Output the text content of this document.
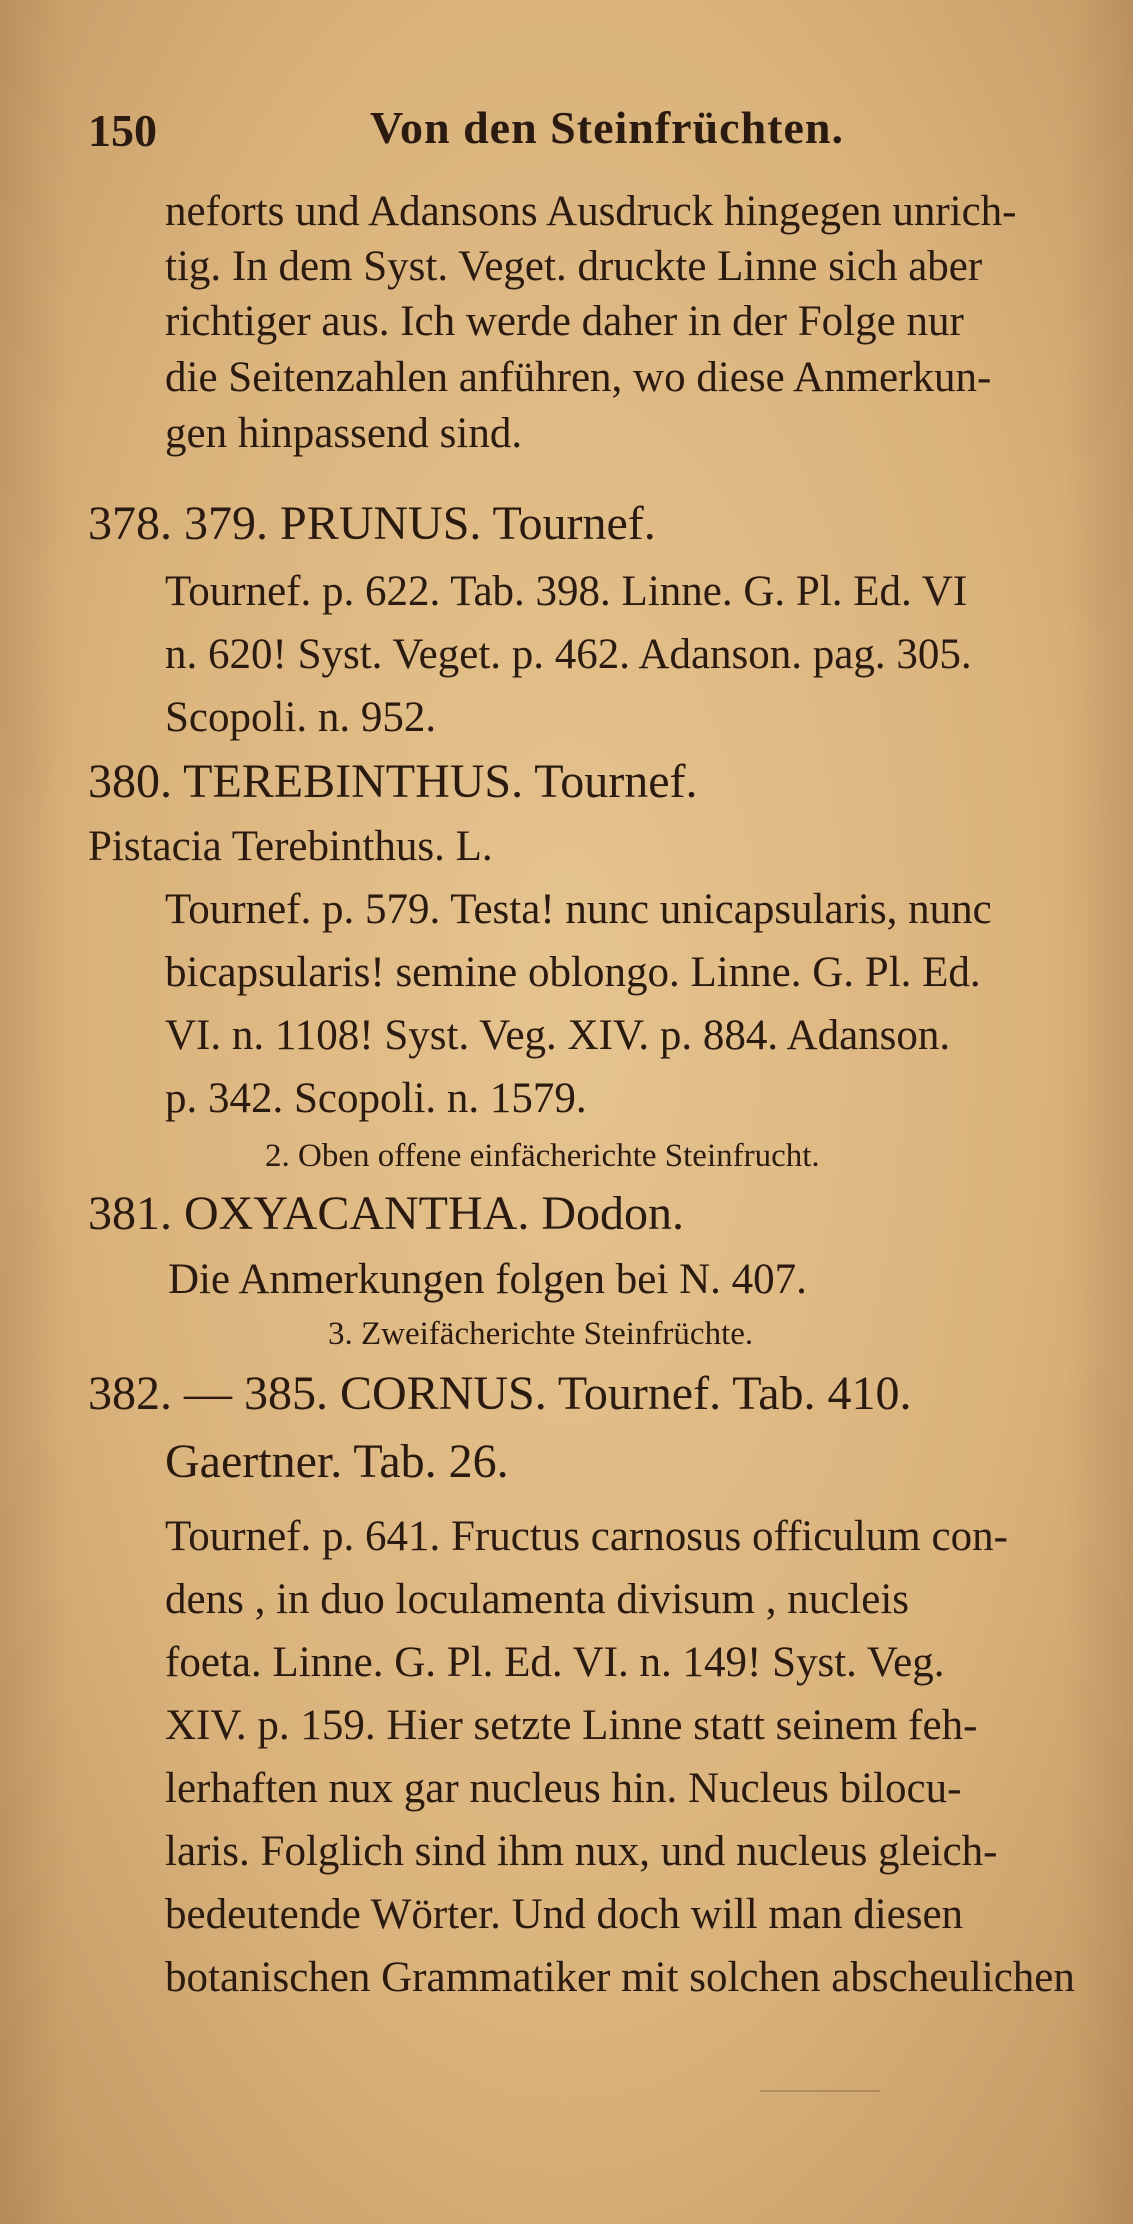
150	Von den Steinfrüchten.
neforts und Adansons Ausdruck hingegen unrich-
tig. In dem Syst. Veget. druckte Linne sich aber
richtiger aus. Ich werde daher in der Folge nur
die Seitenzahlen anführen, wo diese Anmerkun-
gen hinpassend sind.
378. 379. PRUNUS. Tournef.
Tournef. p. 622. Tab. 398. Linne. G. Pl. Ed. VI
n. 620! Syst. Veget. p. 462. Adanson. pag. 305.
Scopoli. n. 952.
380. TEREBINTHUS. Tournef.
Pistacia Terebinthus. L.
Tournef. p. 579. Testa! nunc unicapsularis, nunc
bicapsularis! semine oblongo. Linne. G. Pl. Ed.
VI. n. 1108! Syst. Veg. XIV. p. 884. Adanson.
p. 342. Scopoli. n. 1579.
2. Oben offene einfächerichte Steinfrucht.
381. OXYACANTHA. Dodon.
Die Anmerkungen folgen bei N. 407.
3. Zweifächerichte Steinfrüchte.
382. — 385. CORNUS. Tournef. Tab. 410.
Gaertner. Tab. 26.
Tournef. p. 641. Fructus carnosus officulum con-
dens , in duo loculamenta divisum , nucleis
foeta. Linne. G. Pl. Ed. VI. n. 149! Syst. Veg.
XIV. p. 159. Hier setzte Linne statt seinem feh-
lerhaften nux gar nucleus hin. Nucleus bilocu-
laris. Folglich sind ihm nux, und nucleus gleich-
bedeutende Wörter. Und doch will man diesen
botanischen Grammatiker mit solchen abscheulichen
